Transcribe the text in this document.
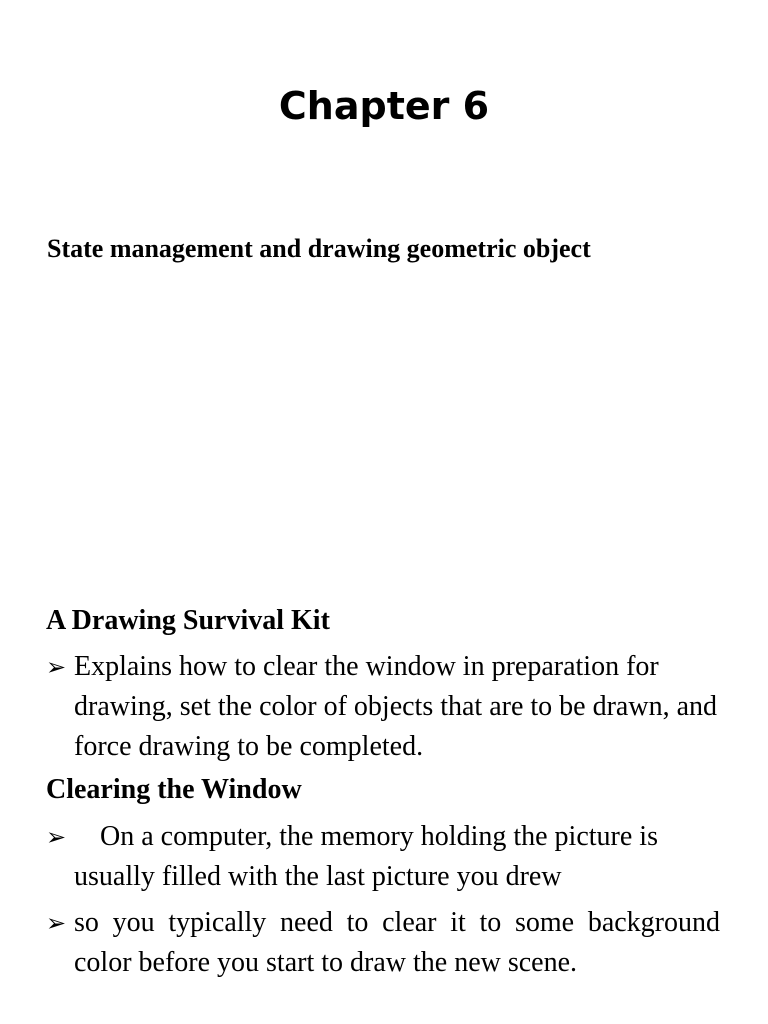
Chapter 6
State management and drawing geometric object
A Drawing Survival Kit
➢ Explains how to clear the window in preparation for drawing, set the color of objects that are to be drawn, and force drawing to be completed.
Clearing the Window
➢	On a computer, the memory holding the picture is usually filled with the last picture you drew
➢ so you typically need to clear it to some background color before you start to draw the new scene.
